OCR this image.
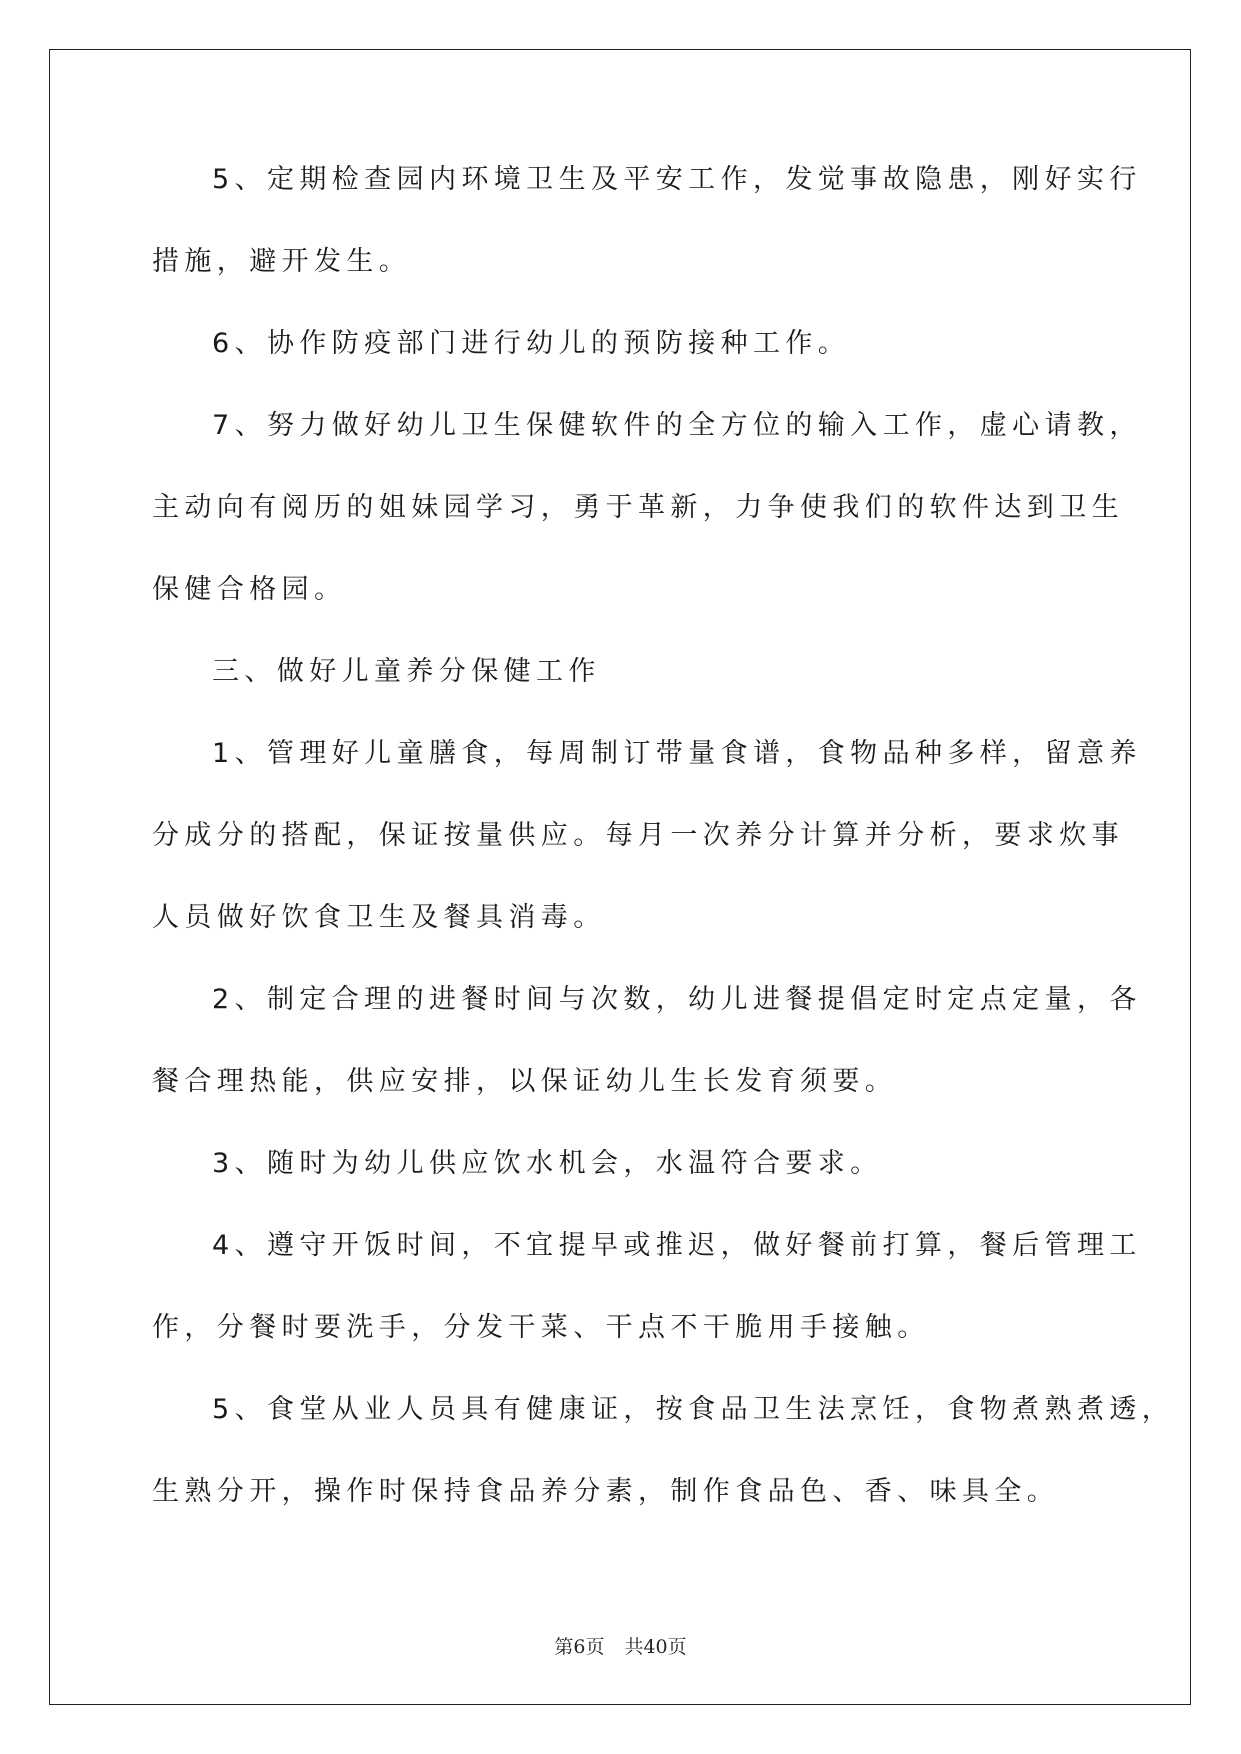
5、定期检查园内环境卫生及平安工作，发觉事故隐患，刚好实行

措施，避开发生。

6、协作防疫部门进行幼儿的预防接种工作。

7、努力做好幼儿卫生保健软件的全方位的输入工作，虚心请教，

主动向有阅历的姐妹园学习，勇于革新，力争使我们的软件达到卫生

保健合格园。

三、做好儿童养分保健工作

1、管理好儿童膳食，每周制订带量食谱，食物品种多样，留意养

分成分的搭配，保证按量供应。每月一次养分计算并分析，要求炊事

人员做好饮食卫生及餐具消毒。

2、制定合理的进餐时间与次数，幼儿进餐提倡定时定点定量，各

餐合理热能，供应安排，以保证幼儿生长发育须要。

3、随时为幼儿供应饮水机会，水温符合要求。

4、遵守开饭时间，不宜提早或推迟，做好餐前打算，餐后管理工

作，分餐时要洗手，分发干菜、干点不干脆用手接触。

5、食堂从业人员具有健康证，按食品卫生法烹饪，食物煮熟煮透，

生熟分开，操作时保持食品养分素，制作食品色、香、味具全。

第6页 共40页
